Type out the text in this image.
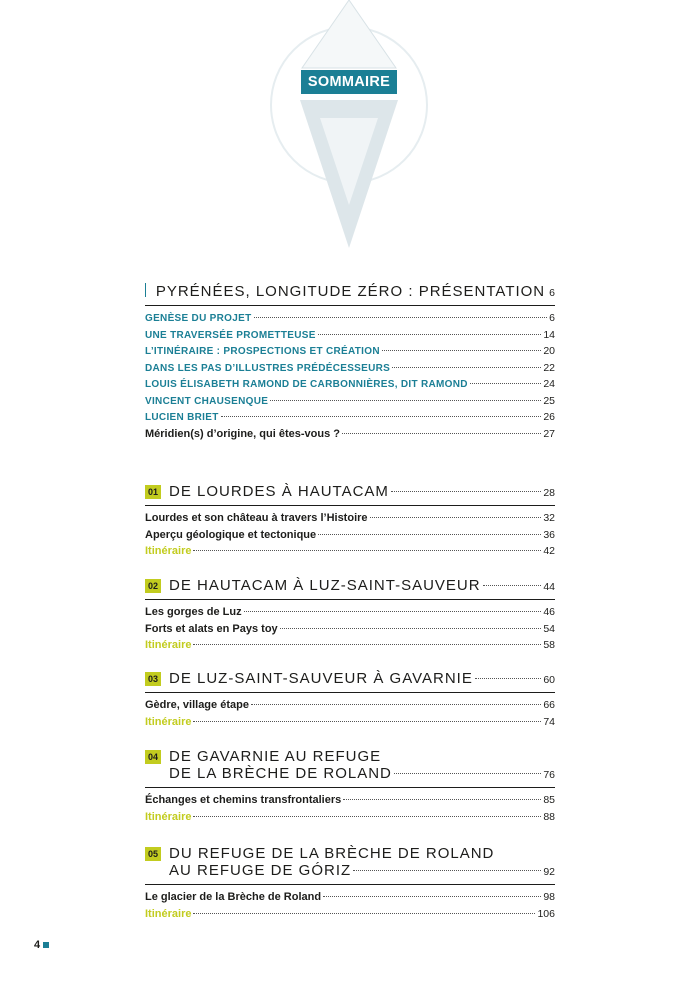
SOMMAIRE
PYRÉNÉES, LONGITUDE ZÉRO : PRÉSENTATION 6
GENÈSE DU PROJET	6
UNE TRAVERSÉE PROMETTEUSE	14
L’ITINÉRAIRE : PROSPECTIONS ET CRÉATION	20
DANS LES PAS D’ILLUSTRES PRÉDÉCESSEURS	22
LOUIS ÉLISABETH RAMOND DE CARBONNIÈRES, DIT RAMOND	24
VINCENT CHAUSENQUE	25
LUCIEN BRIET	26
Méridien(s) d’origine, qui êtes-vous ?	27
01 DE LOURDES À HAUTACAM	28
Lourdes et son château à travers l’Histoire	32
Aperçu géologique et tectonique	36
Itinéraire	42
02 DE HAUTACAM À LUZ-SAINT-SAUVEUR	44
Les gorges de Luz	46
Forts et alats en Pays toy	54
Itinéraire	58
03 DE LUZ-SAINT-SAUVEUR À GAVARNIE	60
Gèdre, village étape	66
Itinéraire	74
04 DE GAVARNIE AU REFUGE
DE LA BRÈCHE DE ROLAND	76
Échanges et chemins transfrontaliers	85
Itinéraire	88
05 DU REFUGE DE LA BRÈCHE DE ROLAND
AU REFUGE DE GÓRIZ	92
Le glacier de la Brèche de Roland	98
Itinéraire	106
4
